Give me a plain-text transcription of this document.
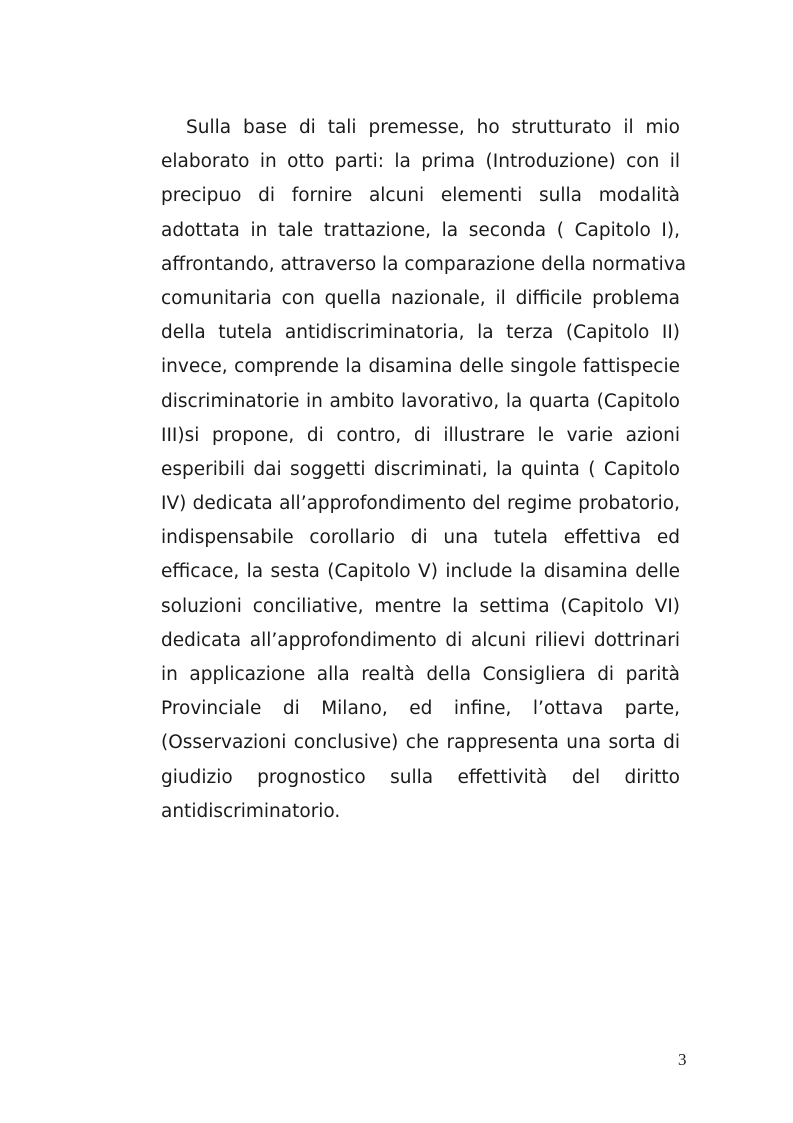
Sulla base di tali premesse, ho strutturato il mio
elaborato in otto parti: la prima (Introduzione) con il
precipuo di fornire alcuni elementi sulla modalità
adottata in tale trattazione, la seconda ( Capitolo I),
affrontando, attraverso la comparazione della normativa
comunitaria con quella nazionale, il difficile problema
della tutela antidiscriminatoria, la terza (Capitolo II)
invece, comprende la disamina delle singole fattispecie
discriminatorie in ambito lavorativo, la quarta (Capitolo
III)si propone, di contro, di illustrare le varie azioni
esperibili dai soggetti discriminati, la quinta ( Capitolo
IV) dedicata all’approfondimento del regime probatorio,
indispensabile corollario di una tutela effettiva ed
efficace, la sesta (Capitolo V) include la disamina delle
soluzioni conciliative, mentre la settima (Capitolo VI)
dedicata all’approfondimento di alcuni rilievi dottrinari
in applicazione alla realtà della Consigliera di parità
Provinciale di Milano, ed infine, l’ottava parte,
(Osservazioni conclusive) che rappresenta una sorta di
giudizio prognostico sulla effettività del diritto
antidiscriminatorio.

3
